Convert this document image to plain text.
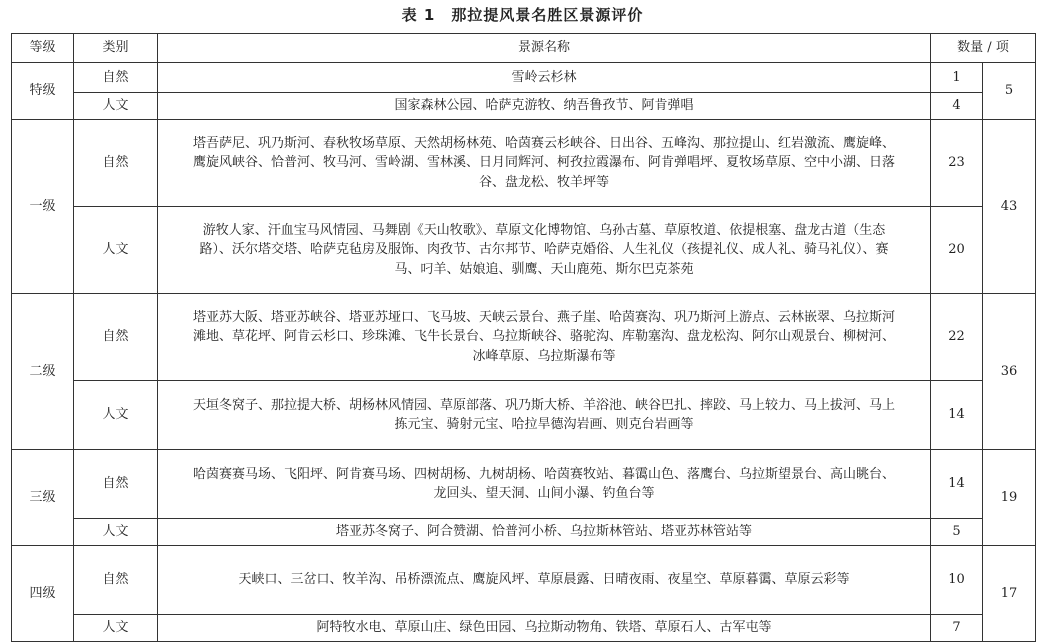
表 1　那拉提风景名胜区景源评价
等级	类别	景源名称	数量 / 项	
特级	自然	雪岭云杉林	1	5
	人文	国家森林公园、哈萨克游牧、纳吾鲁孜节、阿肯弹唱	4	
一级	自然	塔吾萨尼、巩乃斯河、春秋牧场草原、天然胡杨林苑、哈茵赛云杉峡谷、日出谷、五峰沟、那拉提山、红岩激流、鹰旋峰、鹰旋风峡谷、恰普河、牧马河、雪岭湖、雪林溪、日月同辉河、柯孜拉霞瀑布、阿肯弹唱坪、夏牧场草原、空中小湖、日落谷、盘龙松、牧羊坪等	23	43
	人文	游牧人家、汗血宝马风情园、马舞剧《天山牧歌》、草原文化博物馆、乌孙古墓、草原牧道、依提根塞、盘龙古道（生态路）、沃尔塔交塔、哈萨克毡房及服饰、肉孜节、古尔邦节、哈萨克婚俗、人生礼仪（孩提礼仪、成人礼、骑马礼仪）、赛马、叼羊、姑娘追、驯鹰、天山鹿苑、斯尔巴克茶苑	20	
二级	自然	塔亚苏大阪、塔亚苏峡谷、塔亚苏垭口、飞马坡、天峡云景台、燕子崖、哈茵赛沟、巩乃斯河上游点、云林嵌翠、乌拉斯河滩地、草花坪、阿肯云杉口、珍珠滩、飞牛长景台、乌拉斯峡谷、骆驼沟、库勒塞沟、盘龙松沟、阿尔山观景台、柳树河、冰峰草原、乌拉斯瀑布等	22	36
	人文	天垣冬窝子、那拉提大桥、胡杨林风情园、草原部落、巩乃斯大桥、羊浴池、峡谷巴扎、摔跤、马上较力、马上拔河、马上拣元宝、骑射元宝、哈拉旱德沟岩画、则克台岩画等	14	
三级	自然	哈茵赛赛马场、飞阳坪、阿肯赛马场、四树胡杨、九树胡杨、哈茵赛牧站、暮霭山色、落鹰台、乌拉斯望景台、高山眺台、龙回头、望天洞、山间小瀑、钓鱼台等	14	19
	人文	塔亚苏冬窝子、阿合赞湖、恰普河小桥、乌拉斯林管站、塔亚苏林管站等	5	
四级	自然	天峡口、三岔口、牧羊沟、吊桥漂流点、鹰旋风坪、草原晨露、日晴夜雨、夜星空、草原暮霭、草原云彩等	10	17
	人文	阿特牧水电、草原山庄、绿色田园、乌拉斯动物角、铁塔、草原石人、古军屯等	7	
